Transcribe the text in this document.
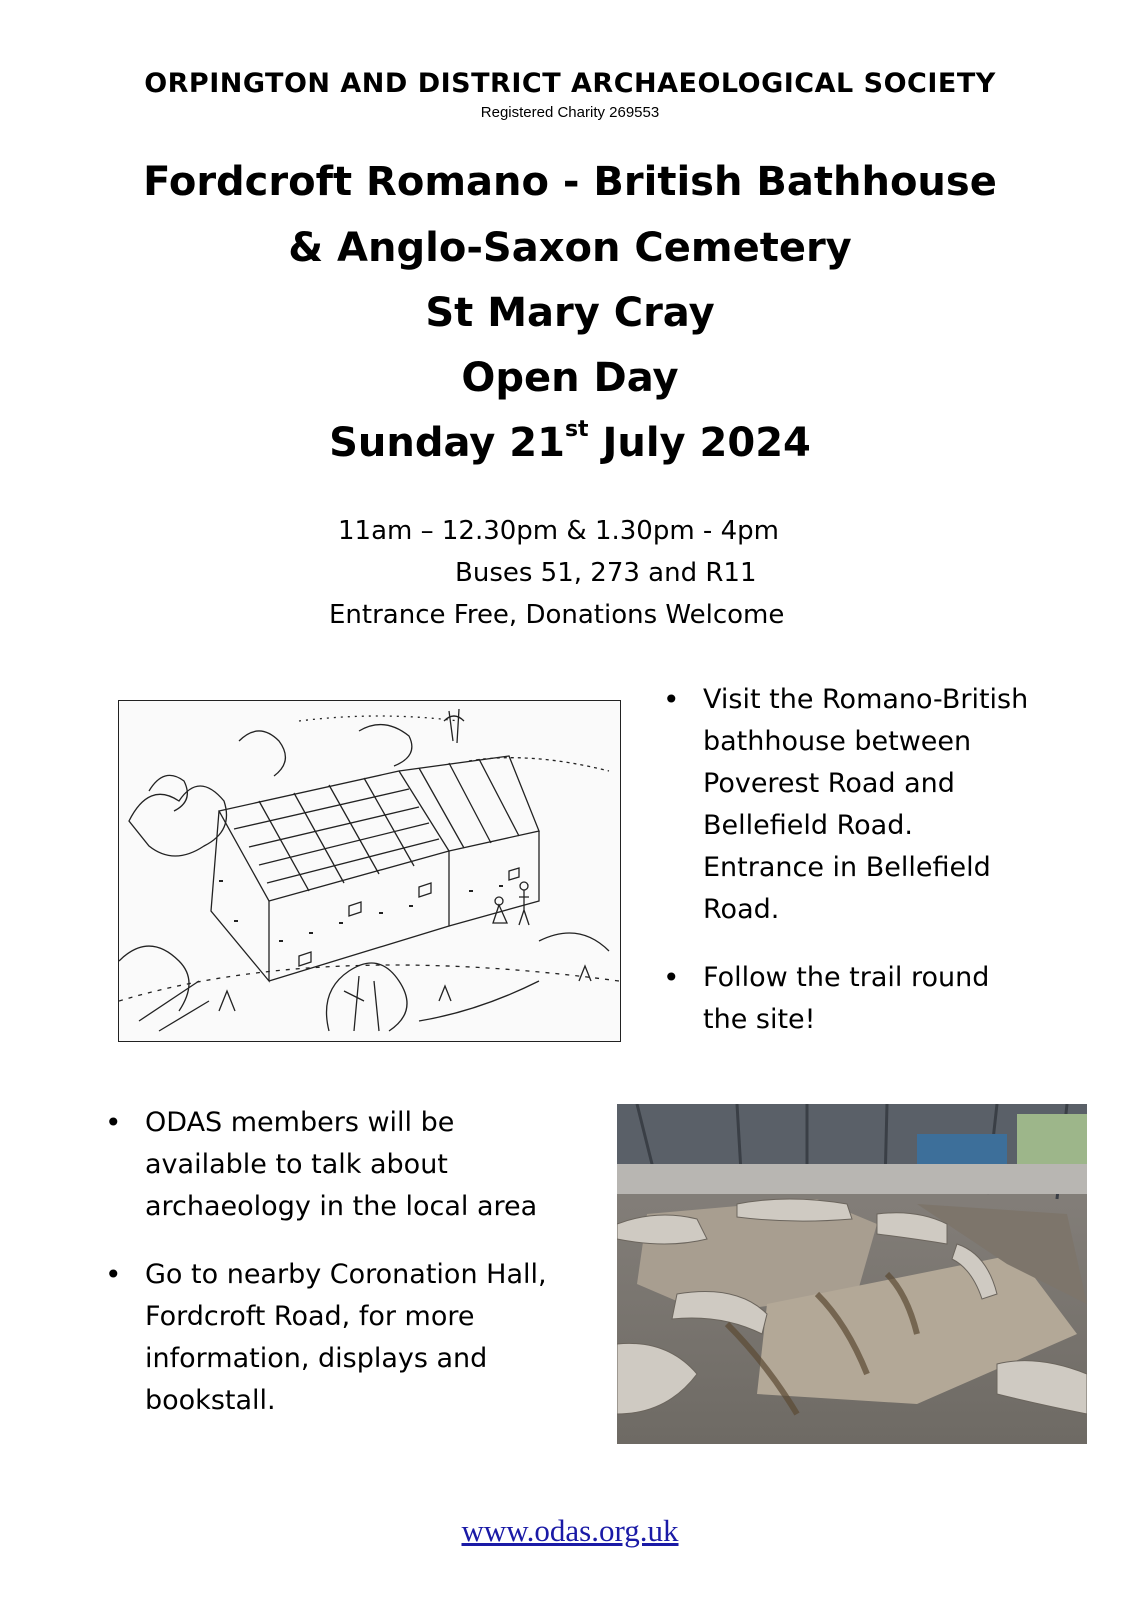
ORPINGTON AND DISTRICT ARCHAEOLOGICAL SOCIETY
Registered Charity 269553
Fordcroft Romano - British Bathhouse
& Anglo-Saxon Cemetery
St Mary Cray
Open Day
Sunday 21st July 2024
11am – 12.30pm & 1.30pm - 4pm
Buses 51, 273 and R11
Entrance Free, Donations Welcome
• Visit the Romano-British bathhouse between Poverest Road and Bellefield Road. Entrance in Bellefield Road.
• Follow the trail round the site!
• ODAS members will be available to talk about archaeology in the local area
• Go to nearby Coronation Hall, Fordcroft Road, for more information, displays and bookstall.
www.odas.org.uk
